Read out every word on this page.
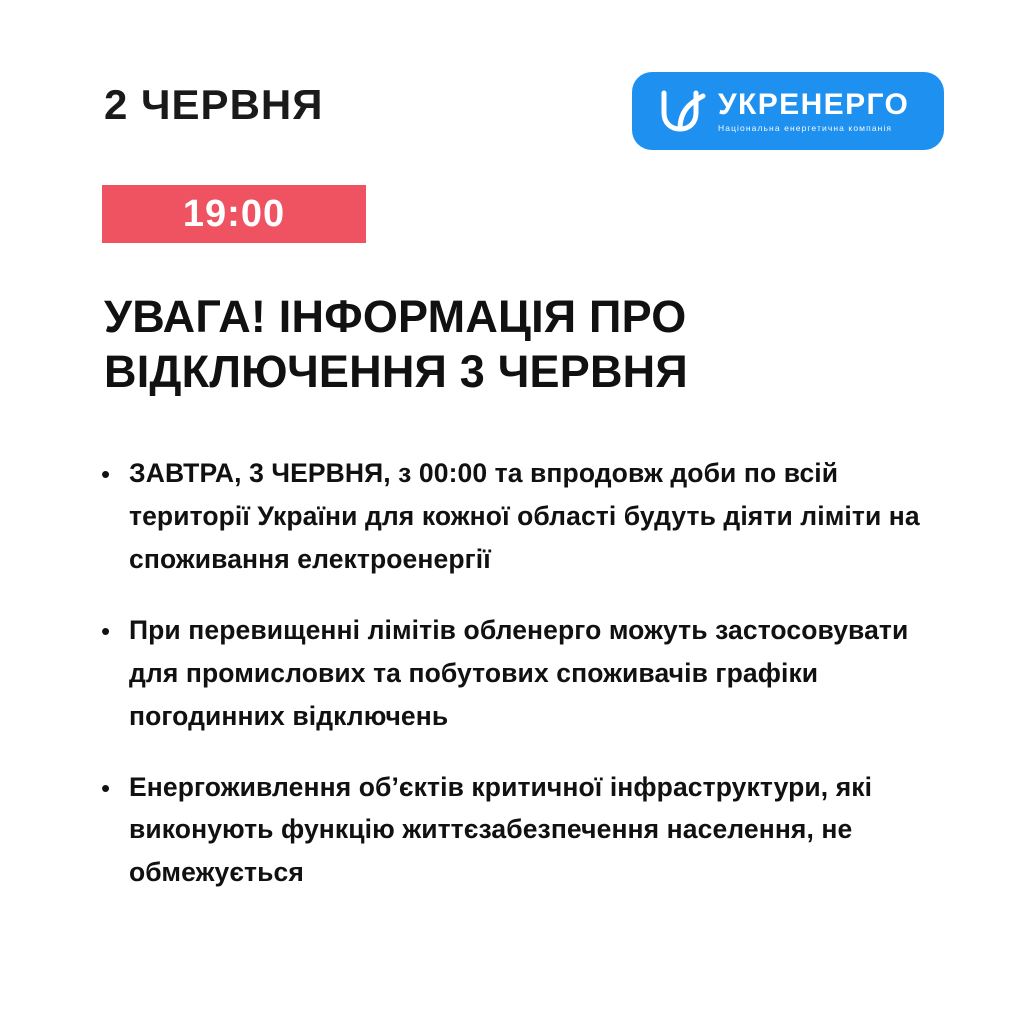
2 ЧЕРВНЯ	УКРЕНЕРГО
Національна енергетична компанія
19:00
УВАГА! ІНФОРМАЦІЯ ПРО ВІДКЛЮЧЕННЯ 3 ЧЕРВНЯ
• ЗАВТРА, 3 ЧЕРВНЯ, з 00:00 та впродовж доби по всій території України для кожної області будуть діяти ліміти на споживання електроенергії
• При перевищенні лімітів обленерго можуть застосовувати для промислових та побутових споживачів графіки погодинних відключень
• Енергоживлення об’єктів критичної інфраструктури, які виконують функцію життєзабезпечення населення, не обмежується
